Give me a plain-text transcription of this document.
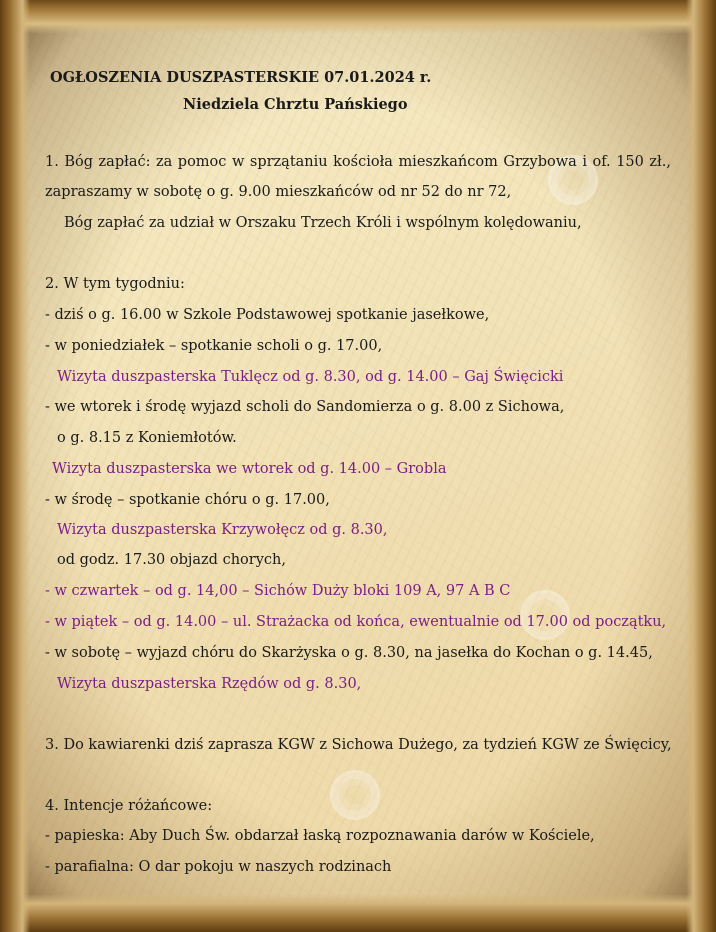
OGŁOSZENIA DUSZPASTERSKIE 07.01.2024 r.
Niedziela Chrztu Pańskiego
1. Bóg zapłać: za pomoc w sprzątaniu kościoła mieszkańcom Grzybowa i of. 150 zł.,
zapraszamy w sobotę o g. 9.00 mieszkańców od nr 52 do nr 72,
Bóg zapłać za udział w Orszaku Trzech Króli i wspólnym kolędowaniu,
2. W tym tygodniu:
- dziś o g. 16.00 w Szkole Podstawowej spotkanie jasełkowe,
- w poniedziałek – spotkanie scholi o g. 17.00,
Wizyta duszpasterska Tuklęcz od g. 8.30, od g. 14.00 – Gaj Święcicki
- we wtorek i środę wyjazd scholi do Sandomierza o g. 8.00 z Sichowa,
o g. 8.15 z Koniemłotów.
Wizyta duszpasterska we wtorek od g. 14.00 – Grobla
- w środę – spotkanie chóru o g. 17.00,
Wizyta duszpasterska Krzywołęcz od g. 8.30,
od godz. 17.30 objazd chorych,
- w czwartek – od g. 14,00 – Sichów Duży bloki 109 A, 97 A B C
- w piątek – od g. 14.00 – ul. Strażacka od końca, ewentualnie od 17.00 od początku,
- w sobotę – wyjazd chóru do Skarżyska o g. 8.30, na jasełka do Kochan o g. 14.45,
Wizyta duszpasterska Rzędów od g. 8.30,
3. Do kawiarenki dziś zaprasza KGW z Sichowa Dużego, za tydzień KGW ze Święcicy,
4. Intencje różańcowe:
- papieska: Aby Duch Św. obdarzał łaską rozpoznawania darów w Kościele,
- parafialna: O dar pokoju w naszych rodzinach
